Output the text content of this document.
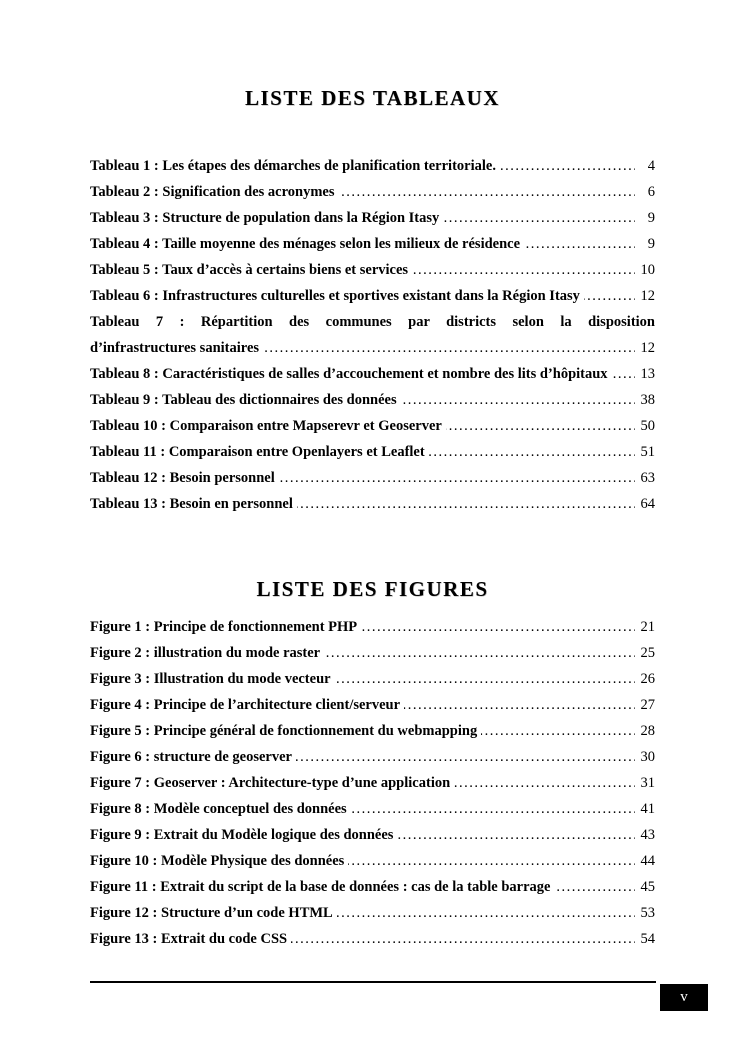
LISTE DES TABLEAUX
.....
Tableau 1 : Les étapes des démarches de planification territoriale.	4
.....
Tableau 2 : Signification des acronymes	6
.....
Tableau 3 : Structure de population dans la Région Itasy	9
.....
Tableau 4 : Taille moyenne des ménages selon les milieux de résidence	9
.....
Tableau 5 : Taux d’accès à certains biens et services	10
.....
Tableau 6 : Infrastructures culturelles et sportives existant dans la Région Itasy	12
Tableau 7 : Répartition des communes par districts selon la disposition
.....
d’infrastructures sanitaires	12
.....
Tableau 8 : Caractéristiques de salles d’accouchement et nombre des lits d’hôpitaux	13
.....
Tableau 9 : Tableau des dictionnaires des données	38
.....
Tableau 10 : Comparaison entre Mapserevr et Geoserver	50
.....
Tableau 11 : Comparaison entre Openlayers et Leaflet	51
.....
Tableau 12 : Besoin personnel	63
.....
Tableau 13 : Besoin en personnel	64
LISTE DES FIGURES
.....
Figure 1 : Principe de fonctionnement PHP	21
.....
Figure 2 : illustration du mode raster	25
.....
Figure 3 : Illustration du mode vecteur	26
.....
Figure 4 : Principe de l’architecture client/serveur	27
.....
Figure 5 : Principe général de fonctionnement du webmapping	28
.....
Figure 6 : structure de geoserver	30
.....
Figure 7 : Geoserver : Architecture-type d’une application	31
.....
Figure 8 : Modèle conceptuel des données	41
.....
Figure 9 : Extrait du Modèle logique des données	43
.....
Figure 10 : Modèle Physique des données	44
.....
Figure 11 : Extrait du script de la base de données : cas de la table barrage	45
.....
Figure 12 : Structure d’un code HTML	53
.....
Figure 13 : Extrait du code CSS	54
v
